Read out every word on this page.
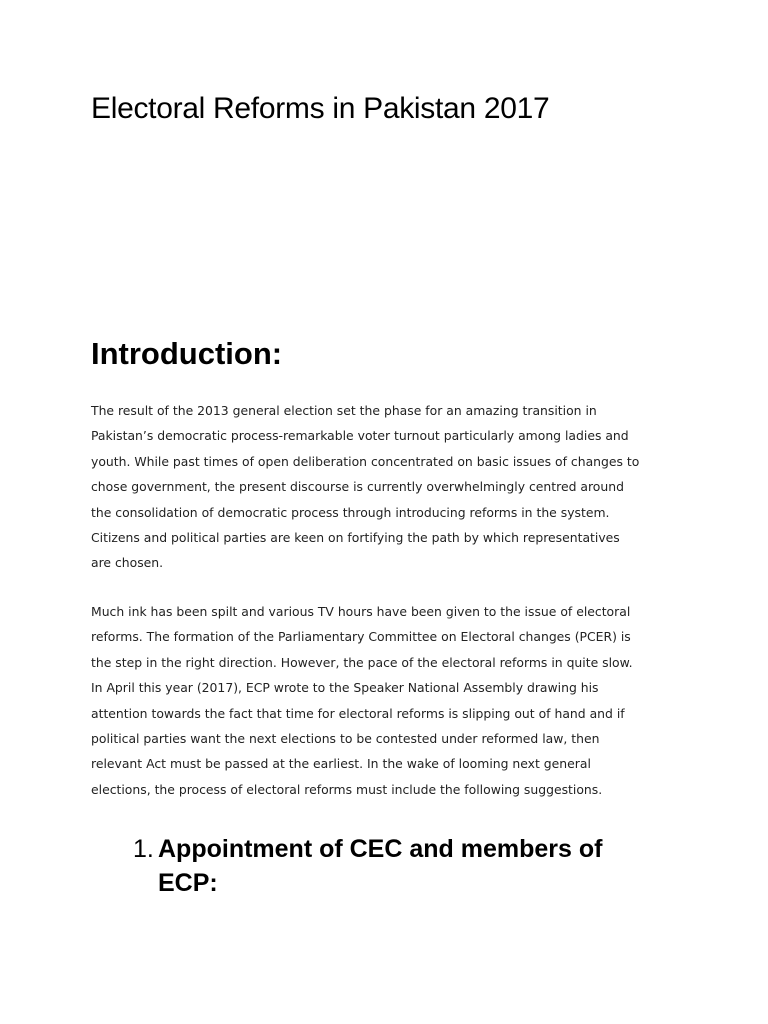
Electoral Reforms in Pakistan 2017
Introduction:

The result of the 2013 general election set the phase for an amazing transition in
Pakistan’s democratic process-remarkable voter turnout particularly among ladies and
youth. While past times of open deliberation concentrated on basic issues of changes to
chose government, the present discourse is currently overwhelmingly centred around
the consolidation of democratic process through introducing reforms in the system.
Citizens and political parties are keen on fortifying the path by which representatives
are chosen.

Much ink has been spilt and various TV hours have been given to the issue of electoral
reforms. The formation of the Parliamentary Committee on Electoral changes (PCER) is
the step in the right direction. However, the pace of the electoral reforms in quite slow.
In April this year (2017), ECP wrote to the Speaker National Assembly drawing his
attention towards the fact that time for electoral reforms is slipping out of hand and if
political parties want the next elections to be contested under reformed law, then
relevant Act must be passed at the earliest. In the wake of looming next general
elections, the process of electoral reforms must include the following suggestions.

1. Appointment of CEC and members of
ECP:
